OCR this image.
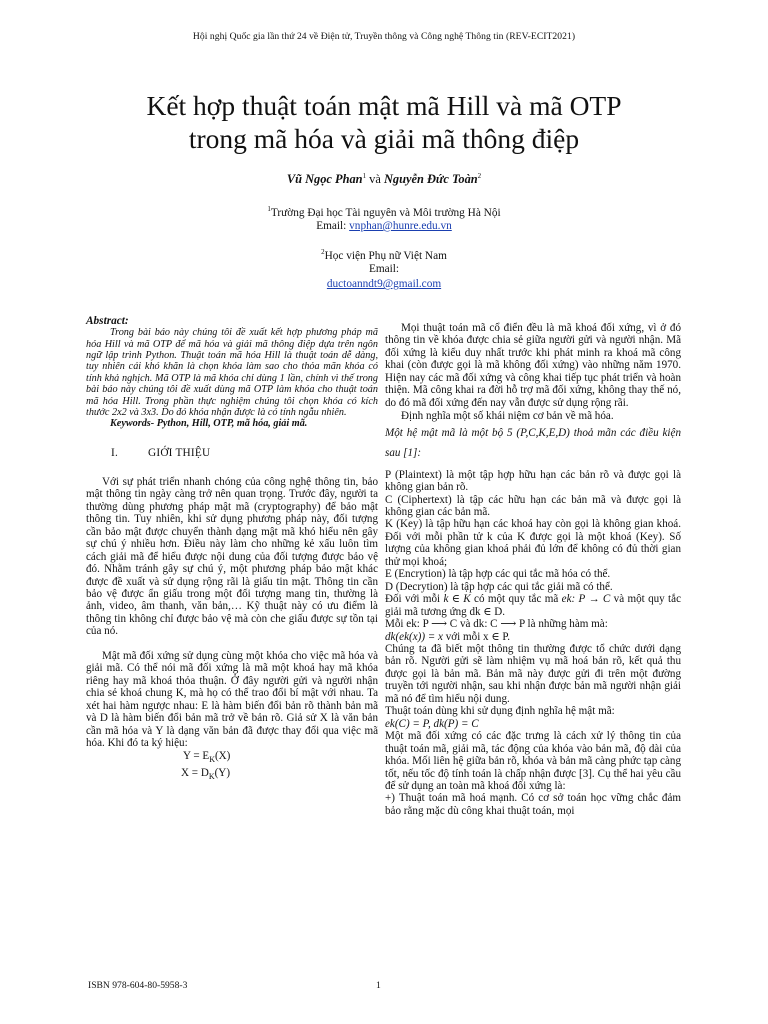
Hội nghị Quốc gia lần thứ 24 về Điện tử, Truyền thông và Công nghệ Thông tin (REV-ECIT2021)
Kết hợp thuật toán mật mã Hill và mã OTP
trong mã hóa và giải mã thông điệp
Vũ Ngọc Phan$^1$ và Nguyễn Đức Toàn$^2$
$^1$Trường Đại học Tài nguyên và Môi trường Hà Nội
Email: vnphan@hunre.edu.vn
$^2$Học viện Phụ nữ Việt Nam
Email:
ductoanndt9@gmail.com

Abstract:

Trong bài báo này chúng tôi đề xuất kết hợp phương pháp mã hóa Hill và mã OTP để mã hóa và giải mã thông điệp dựa trên ngôn ngữ lập trình Python. Thuật toán mã hóa Hill là thuật toán dễ dàng, tuy nhiên cái khó khăn là chọn khóa làm sao cho thỏa mãn khóa có tính khả nghịch. Mã OTP là mã khóa chỉ dùng 1 lần, chính vì thế trong bài báo này chúng tôi đề xuất dùng mã OTP làm khóa cho thuật toán mã hóa Hill. Trong phần thực nghiệm chúng tôi chọn khóa có kích thước 2x2 và 3x3. Do đó khóa nhận được là có tính ngẫu nhiên.

Keywords- Python, Hill, OTP, mã hóa, giải mã.

I.	GIỚI THIỆU

Với sự phát triển nhanh chóng của công nghệ thông tin, bảo mật thông tin ngày càng trở nên quan trọng. Trước đây, người ta thường dùng phương pháp mật mã (cryptography) để bảo mật thông tin. Tuy nhiên, khi sử dụng phương pháp này, đối tượng cần bảo mật được chuyển thành dạng mật mã khó hiểu nên gây sự chú ý nhiều hơn. Điều này làm cho những kẻ xấu luôn tìm cách giải mã để hiểu được nội dung của đối tượng được bảo vệ đó. Nhằm tránh gây sự chú ý, một phương pháp bảo mật khác được đề xuất và sử dụng rộng rãi là giấu tin mật. Thông tin cần bảo vệ được ẩn giấu trong một đối tượng mang tin, thường là ảnh, video, âm thanh, văn bản,… Kỹ thuật này có ưu điểm là thông tin không chỉ được bảo vệ mà còn che giấu được sự tồn tại của nó.

Mật mã đối xứng sử dụng cùng một khóa cho việc mã hóa và giải mã. Có thể nói mã đối xứng là mã một khoá hay mã khóa riêng hay mã khoá thỏa thuận. Ở đây người gửi và người nhận chia sẻ khoá chung K, mà họ có thể trao đổi bí mật với nhau. Ta xét hai hàm ngược nhau: E là hàm biến đổi bản rõ thành bản mã và D là hàm biến đổi bản mã trở về bản rõ. Giả sử X là văn bản cần mã hóa và Y là dạng văn bản đã được thay đổi qua việc mã hóa. Khi đó ta ký hiệu:

$Y = E_K(X)$

$X = D_K(Y)$

Mọi thuật toán mã cổ điển đều là mã khoá đối xứng, vì ở đó thông tin về khóa được chia sẻ giữa người gửi và người nhận. Mã đối xứng là kiểu duy nhất trước khi phát minh ra khoá mã công khai (còn được gọi là mã không đối xứng) vào những năm 1970. Hiện nay các mã đối xứng và công khai tiếp tục phát triển và hoàn thiện. Mã công khai ra đời hỗ trợ mã đối xứng, không thay thế nó, do đó mã đối xứng đến nay vẫn được sử dụng rộng rãi.

Định nghĩa một số khái niệm cơ bản về mã hóa.

Một hệ mật mã là một bộ 5 (P,C,K,E,D) thoả mãn các điều kiện sau [1]:

P (Plaintext) là một tập hợp hữu hạn các bản rõ và được gọi là không gian bản rõ.

C (Ciphertext) là tập các hữu hạn các bản mã và được gọi là không gian các bản mã.

K (Key) là tập hữu hạn các khoá hay còn gọi là không gian khoá. Đối với mỗi phần tử k của K được gọi là một khoá (Key). Số lượng của không gian khoá phải đủ lớn để không có đủ thời gian thử mọi khoá;

E (Encrytion) là tập hợp các qui tắc mã hóa có thể.

D (Decrytion) là tập hợp các qui tắc giải mã có thể.

Đối với mỗi k ∈ K có một quy tắc mã ek: P → C và một quy tắc giải mã tương ứng dk ∈ D.

Mỗi ek: P ⟶ C và dk: C ⟶ P là những hàm mà:

dk(ek(x)) = x với mỗi x ∈ P.

Chúng ta đã biết một thông tin thường được tổ chức dưới dạng bản rõ. Người gửi sẽ làm nhiệm vụ mã hoá bản rõ, kết quả thu được gọi là bản mã. Bản mã này được gửi đi trên một đường truyền tới người nhận, sau khi nhận được bản mã người nhận giải mã nó để tìm hiểu nội dung.

Thuật toán dùng khi sử dụng định nghĩa hệ mật mã:

ek(C) = P, dk(P) = C

Một mã đối xứng có các đặc trưng là cách xử lý thông tin của thuật toán mã, giải mã, tác động của khóa vào bản mã, độ dài của khóa. Mối liên hệ giữa bản rõ, khóa và bản mã càng phức tạp càng tốt, nếu tốc độ tính toán là chấp nhận được [3]. Cụ thể hai yêu cầu để sử dụng an toàn mã khoá đối xứng là:

+) Thuật toán mã hoá mạnh. Có cơ sở toán học vững chắc đảm bảo rằng mặc dù công khai thuật toán, mọi

ISBN 978-604-80-5958-3	1
